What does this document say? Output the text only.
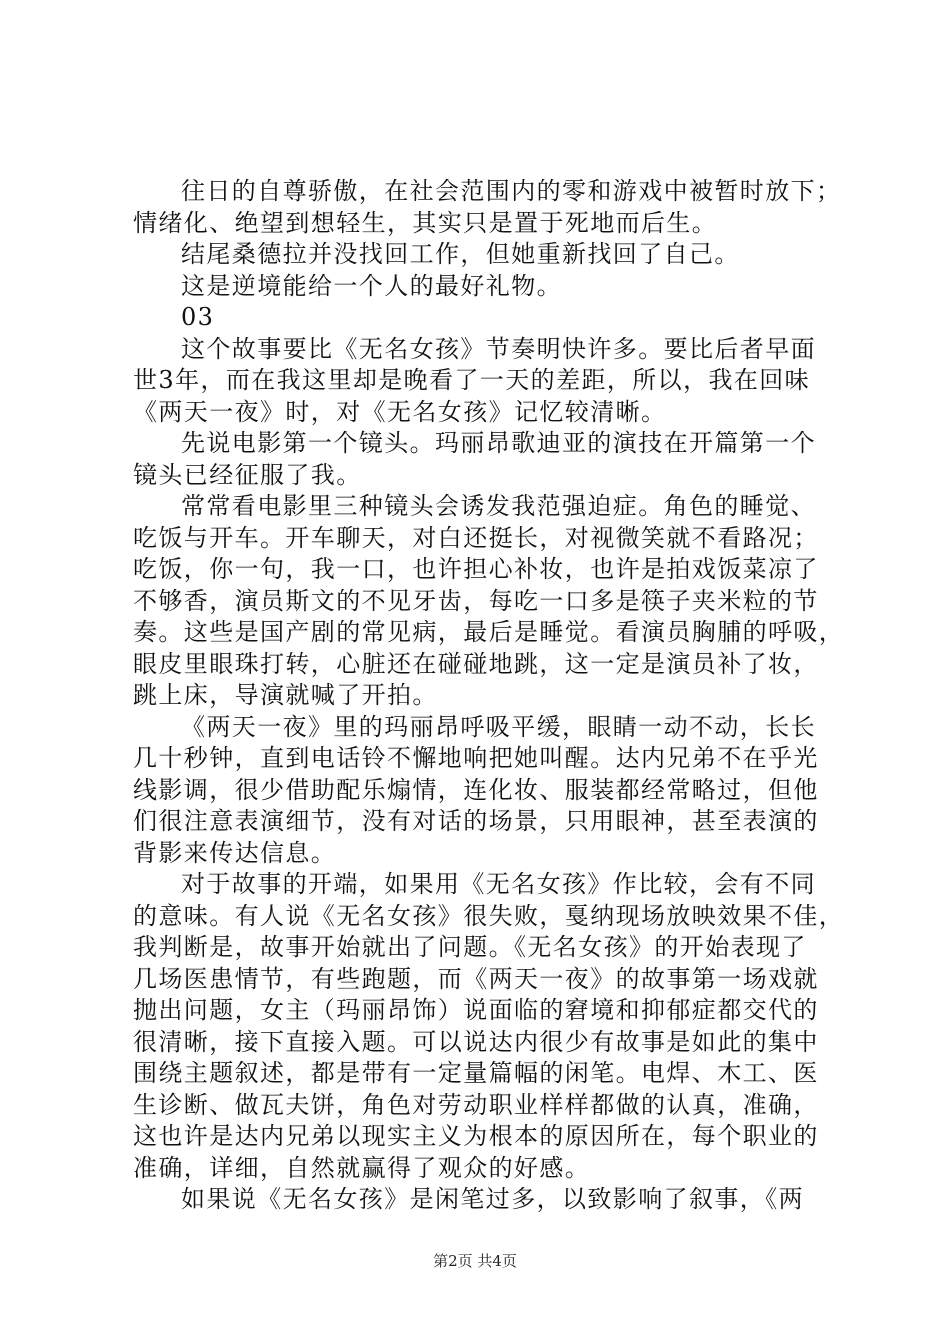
往日的自尊骄傲，在社会范围内的零和游戏中被暂时放下；
情绪化、绝望到想轻生，其实只是置于死地而后生。
结尾桑德拉并没找回工作，但她重新找回了自己。
这是逆境能给一个人的最好礼物。
03
这个故事要比《无名女孩》节奏明快许多。要比后者早面
世3年，而在我这里却是晚看了一天的差距，所以，我在回味
《两天一夜》时，对《无名女孩》记忆较清晰。
先说电影第一个镜头。玛丽昂歌迪亚的演技在开篇第一个
镜头已经征服了我。
常常看电影里三种镜头会诱发我范强迫症。角色的睡觉、
吃饭与开车。开车聊天，对白还挺长，对视微笑就不看路况；
吃饭，你一句，我一口，也许担心补妆，也许是拍戏饭菜凉了
不够香，演员斯文的不见牙齿，每吃一口多是筷子夹米粒的节
奏。这些是国产剧的常见病，最后是睡觉。看演员胸脯的呼吸，
眼皮里眼珠打转，心脏还在碰碰地跳，这一定是演员补了妆，
跳上床，导演就喊了开拍。
《两天一夜》里的玛丽昂呼吸平缓，眼睛一动不动，长长
几十秒钟，直到电话铃不懈地响把她叫醒。达内兄弟不在乎光
线影调，很少借助配乐煽情，连化妆、服装都经常略过，但他
们很注意表演细节，没有对话的场景，只用眼神，甚至表演的
背影来传达信息。
对于故事的开端，如果用《无名女孩》作比较，会有不同
的意味。有人说《无名女孩》很失败，戛纳现场放映效果不佳，
我判断是，故事开始就出了问题。《无名女孩》的开始表现了
几场医患情节，有些跑题，而《两天一夜》的故事第一场戏就
抛出问题，女主（玛丽昂饰）说面临的窘境和抑郁症都交代的
很清晰，接下直接入题。可以说达内很少有故事是如此的集中
围绕主题叙述，都是带有一定量篇幅的闲笔。电焊、木工、医
生诊断、做瓦夫饼，角色对劳动职业样样都做的认真，准确，
这也许是达内兄弟以现实主义为根本的原因所在，每个职业的
准确，详细，自然就赢得了观众的好感。
如果说《无名女孩》是闲笔过多，以致影响了叙事，《两
第2页 共4页
